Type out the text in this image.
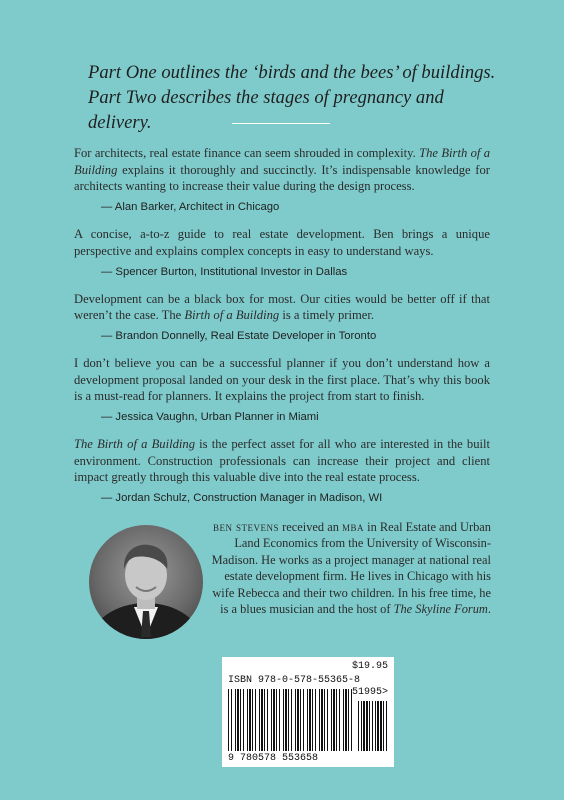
Part One outlines the ‘birds and the bees’ of buildings.
Part Two describes the stages of pregnancy and delivery.
For architects, real estate finance can seem shrouded in complexity. The Birth of a Building explains it thoroughly and succinctly. It’s indispensable knowledge for architects wanting to increase their value during the design process.
— Alan Barker, Architect in Chicago
A concise, a-to-z guide to real estate development. Ben brings a unique perspective and explains complex concepts in easy to understand ways.
— Spencer Burton, Institutional Investor in Dallas
Development can be a black box for most. Our cities would be better off if that weren’t the case. The Birth of a Building is a timely primer.
— Brandon Donnelly, Real Estate Developer in Toronto
I don’t believe you can be a successful planner if you don’t understand how a development proposal landed on your desk in the first place. That’s why this book is a must-read for planners. It explains the project from start to finish.
— Jessica Vaughn, Urban Planner in Miami
The Birth of a Building is the perfect asset for all who are interested in the built environment. Construction professionals can increase their project and client impact greatly through this valuable dive into the real estate process.
— Jordan Schulz, Construction Manager in Madison, WI
ben stevens received an mba in Real Estate and Urban Land Economics from the University of Wisconsin-Madison. He works as a project manager at national real estate development firm. He lives in Chicago with his wife Rebecca and their two children. In his free time, he is a blues musician and the host of The Skyline Forum.
$19.95
ISBN 978-0-578-55365-8
51995>
9 780578 553658
